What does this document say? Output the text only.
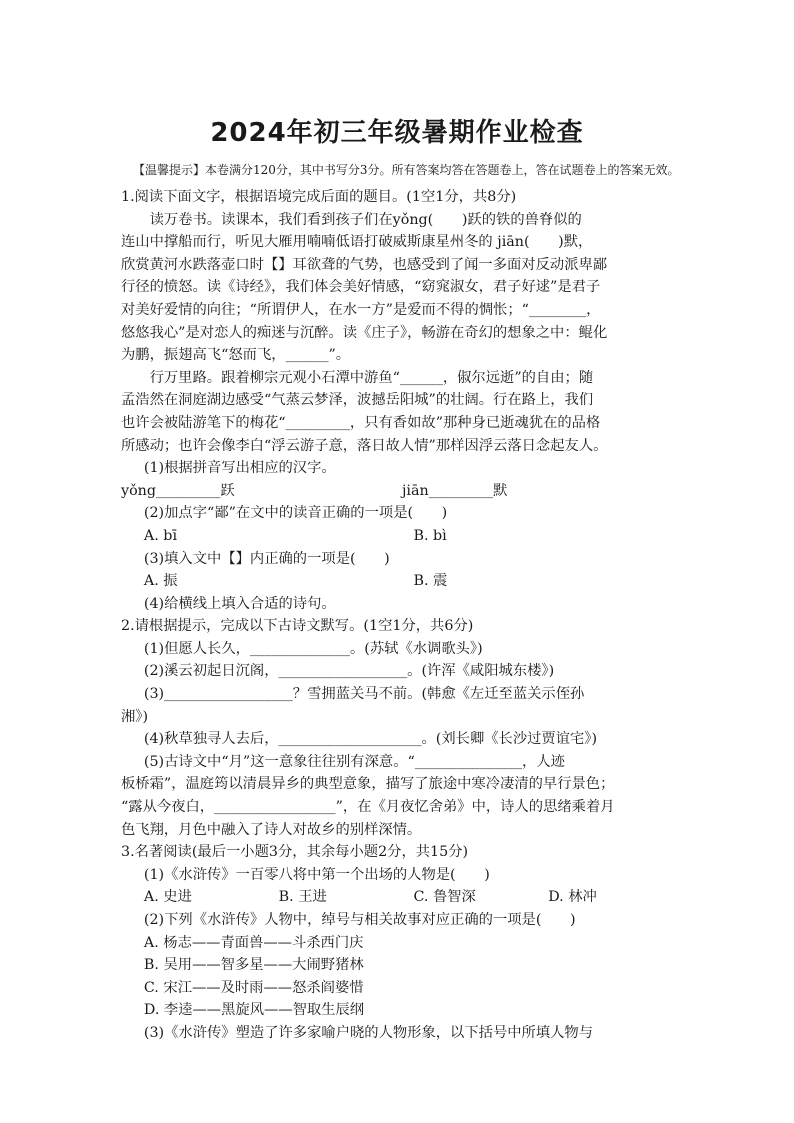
2024年初三年级暑期作业检查

【温馨提示】本卷满分120分，其中书写分3分。所有答案均答在答题卷上，答在试题卷上的答案无效。

1.阅读下面文字，根据语境完成后面的题目。(1空1分，共8分)

读万卷书。读课本，我们看到孩子们在yǒng(　　)跃的铁的兽脊似的

连山中撑船而行，听见大雁用喃喃低语打破威斯康星州冬的 jiān(　　)默，

欣赏黄河水跌落壶口时【】耳欲聋的气势，也感受到了闻一多面对反动派卑鄙

行径的愤怒。读《诗经》，我们体会美好情感，“窈窕淑女，君子好逑”是君子

对美好爱情的向往；“所谓伊人，在水一方”是爱而不得的惆怅；“________，

悠悠我心”是对恋人的痴迷与沉醉。读《庄子》，畅游在奇幻的想象之中：鲲化

为鹏，振翅高飞“怒而飞，______”。

行万里路。跟着柳宗元观小石潭中游鱼“______，俶尔远逝”的自由；随

孟浩然在洞庭湖边感受“气蒸云梦泽，波撼岳阳城”的壮阔。行在路上，我们

也许会被陆游笔下的梅花“_________，只有香如故”那种身已逝魂犹在的品格

所感动；也许会像李白“浮云游子意，落日故人情”那样因浮云落日念起友人。

(1)根据拼音写出相应的汉字。

yǒng_________跃	jiān_________默

(2)加点字“鄙”在文中的读音正确的一项是(　　)

A. bī	B. bì

(3)填入文中【】内正确的一项是(　　)

A. 振	B. 震

(4)给横线上填入合适的诗句。

2.请根据提示，完成以下古诗文默写。(1空1分，共6分)

(1)但愿人长久，______________。(苏轼《水调歌头》)

(2)溪云初起日沉阁，__________________。(许浑《咸阳城东楼》)

(3)__________________？雪拥蓝关马不前。(韩愈《左迁至蓝关示侄孙

湘》)

(4)秋草独寻人去后，____________________。(刘长卿《长沙过贾谊宅》)

(5)古诗文中“月”这一意象往往别有深意。“_______________，人迹

板桥霜”，温庭筠以清晨异乡的典型意象，描写了旅途中寒冷凄清的早行景色；

“露从今夜白，_________________”，在《月夜忆舍弟》中，诗人的思绪乘着月

色飞翔，月色中融入了诗人对故乡的别样深情。

3.名著阅读(最后一小题3分，其余每小题2分，共15分)

(1)《水浒传》一百零八将中第一个出场的人物是(　　)

A. 史进	B. 王进	C. 鲁智深	D. 林冲

(2)下列《水浒传》人物中，绰号与相关故事对应正确的一项是(　　)

A. 杨志——青面兽——斗杀西门庆

B. 吴用——智多星——大闹野猪林

C. 宋江——及时雨——怒杀阎婆惜

D. 李逵——黑旋风——智取生辰纲

(3)《水浒传》塑造了许多家喻户晓的人物形象，以下括号中所填人物与
